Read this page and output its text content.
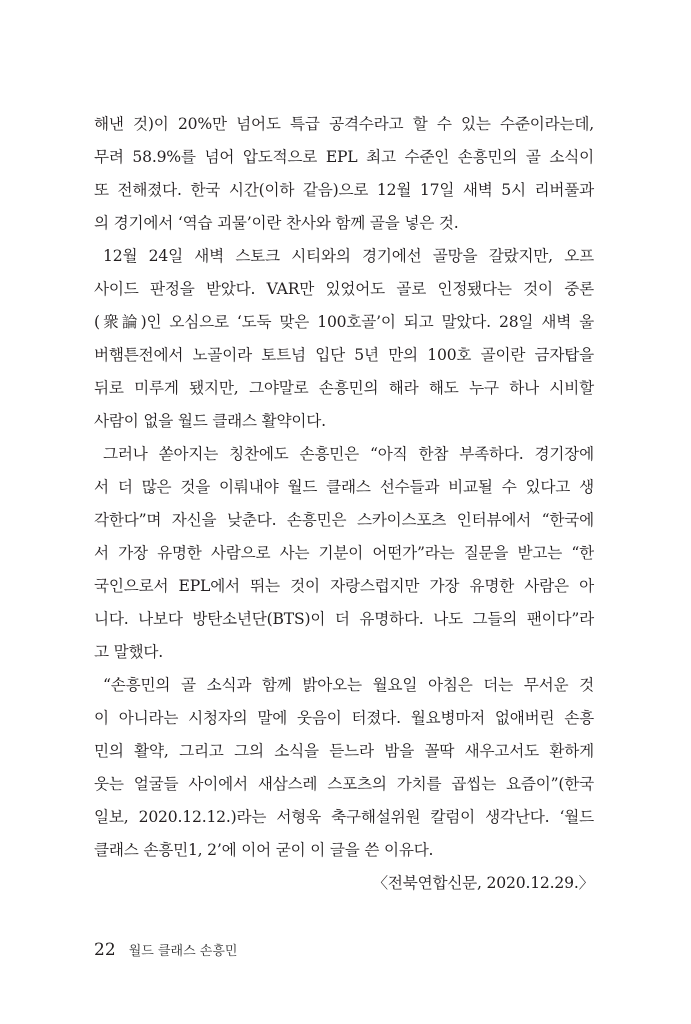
해낸 것)이 20%만 넘어도 특급 공격수라고 할 수 있는 수준이라는데,
무려 58.9%를 넘어 압도적으로 EPL 최고 수준인 손흥민의 골 소식이
또 전해졌다. 한국 시간(이하 같음)으로 12월 17일 새벽 5시 리버풀과
의 경기에서 ‘역습 괴물’이란 찬사와 함께 골을 넣은 것.
12월 24일 새벽 스토크 시티와의 경기에선 골망을 갈랐지만, 오프
사이드 판정을 받았다. VAR만 있었어도 골로 인정됐다는 것이 중론
(衆論)인 오심으로 ‘도둑 맞은 100호골’이 되고 말았다. 28일 새벽 울
버햄튼전에서 노골이라 토트넘 입단 5년 만의 100호 골이란 금자탑을
뒤로 미루게 됐지만, 그야말로 손흥민의 해라 해도 누구 하나 시비할
사람이 없을 월드 클래스 활약이다.
그러나 쏟아지는 칭찬에도 손흥민은 “아직 한참 부족하다. 경기장에
서 더 많은 것을 이뤄내야 월드 클래스 선수들과 비교될 수 있다고 생
각한다”며 자신을 낮춘다. 손흥민은 스카이스포츠 인터뷰에서 “한국에
서 가장 유명한 사람으로 사는 기분이 어떤가”라는 질문을 받고는 “한
국인으로서 EPL에서 뛰는 것이 자랑스럽지만 가장 유명한 사람은 아
니다. 나보다 방탄소년단(BTS)이 더 유명하다. 나도 그들의 팬이다”라
고 말했다.
“손흥민의 골 소식과 함께 밝아오는 월요일 아침은 더는 무서운 것
이 아니라는 시청자의 말에 웃음이 터졌다. 월요병마저 없애버린 손흥
민의 활약, 그리고 그의 소식을 듣느라 밤을 꼴딱 새우고서도 환하게
웃는 얼굴들 사이에서 새삼스레 스포츠의 가치를 곱씹는 요즘이”(한국
일보, 2020.12.12.)라는 서형욱 축구해설위원 칼럼이 생각난다. ‘월드
클래스 손흥민1, 2’에 이어 굳이 이 글을 쓴 이유다.
〈전북연합신문, 2020.12.29.〉
22 월드 클래스 손흥민
